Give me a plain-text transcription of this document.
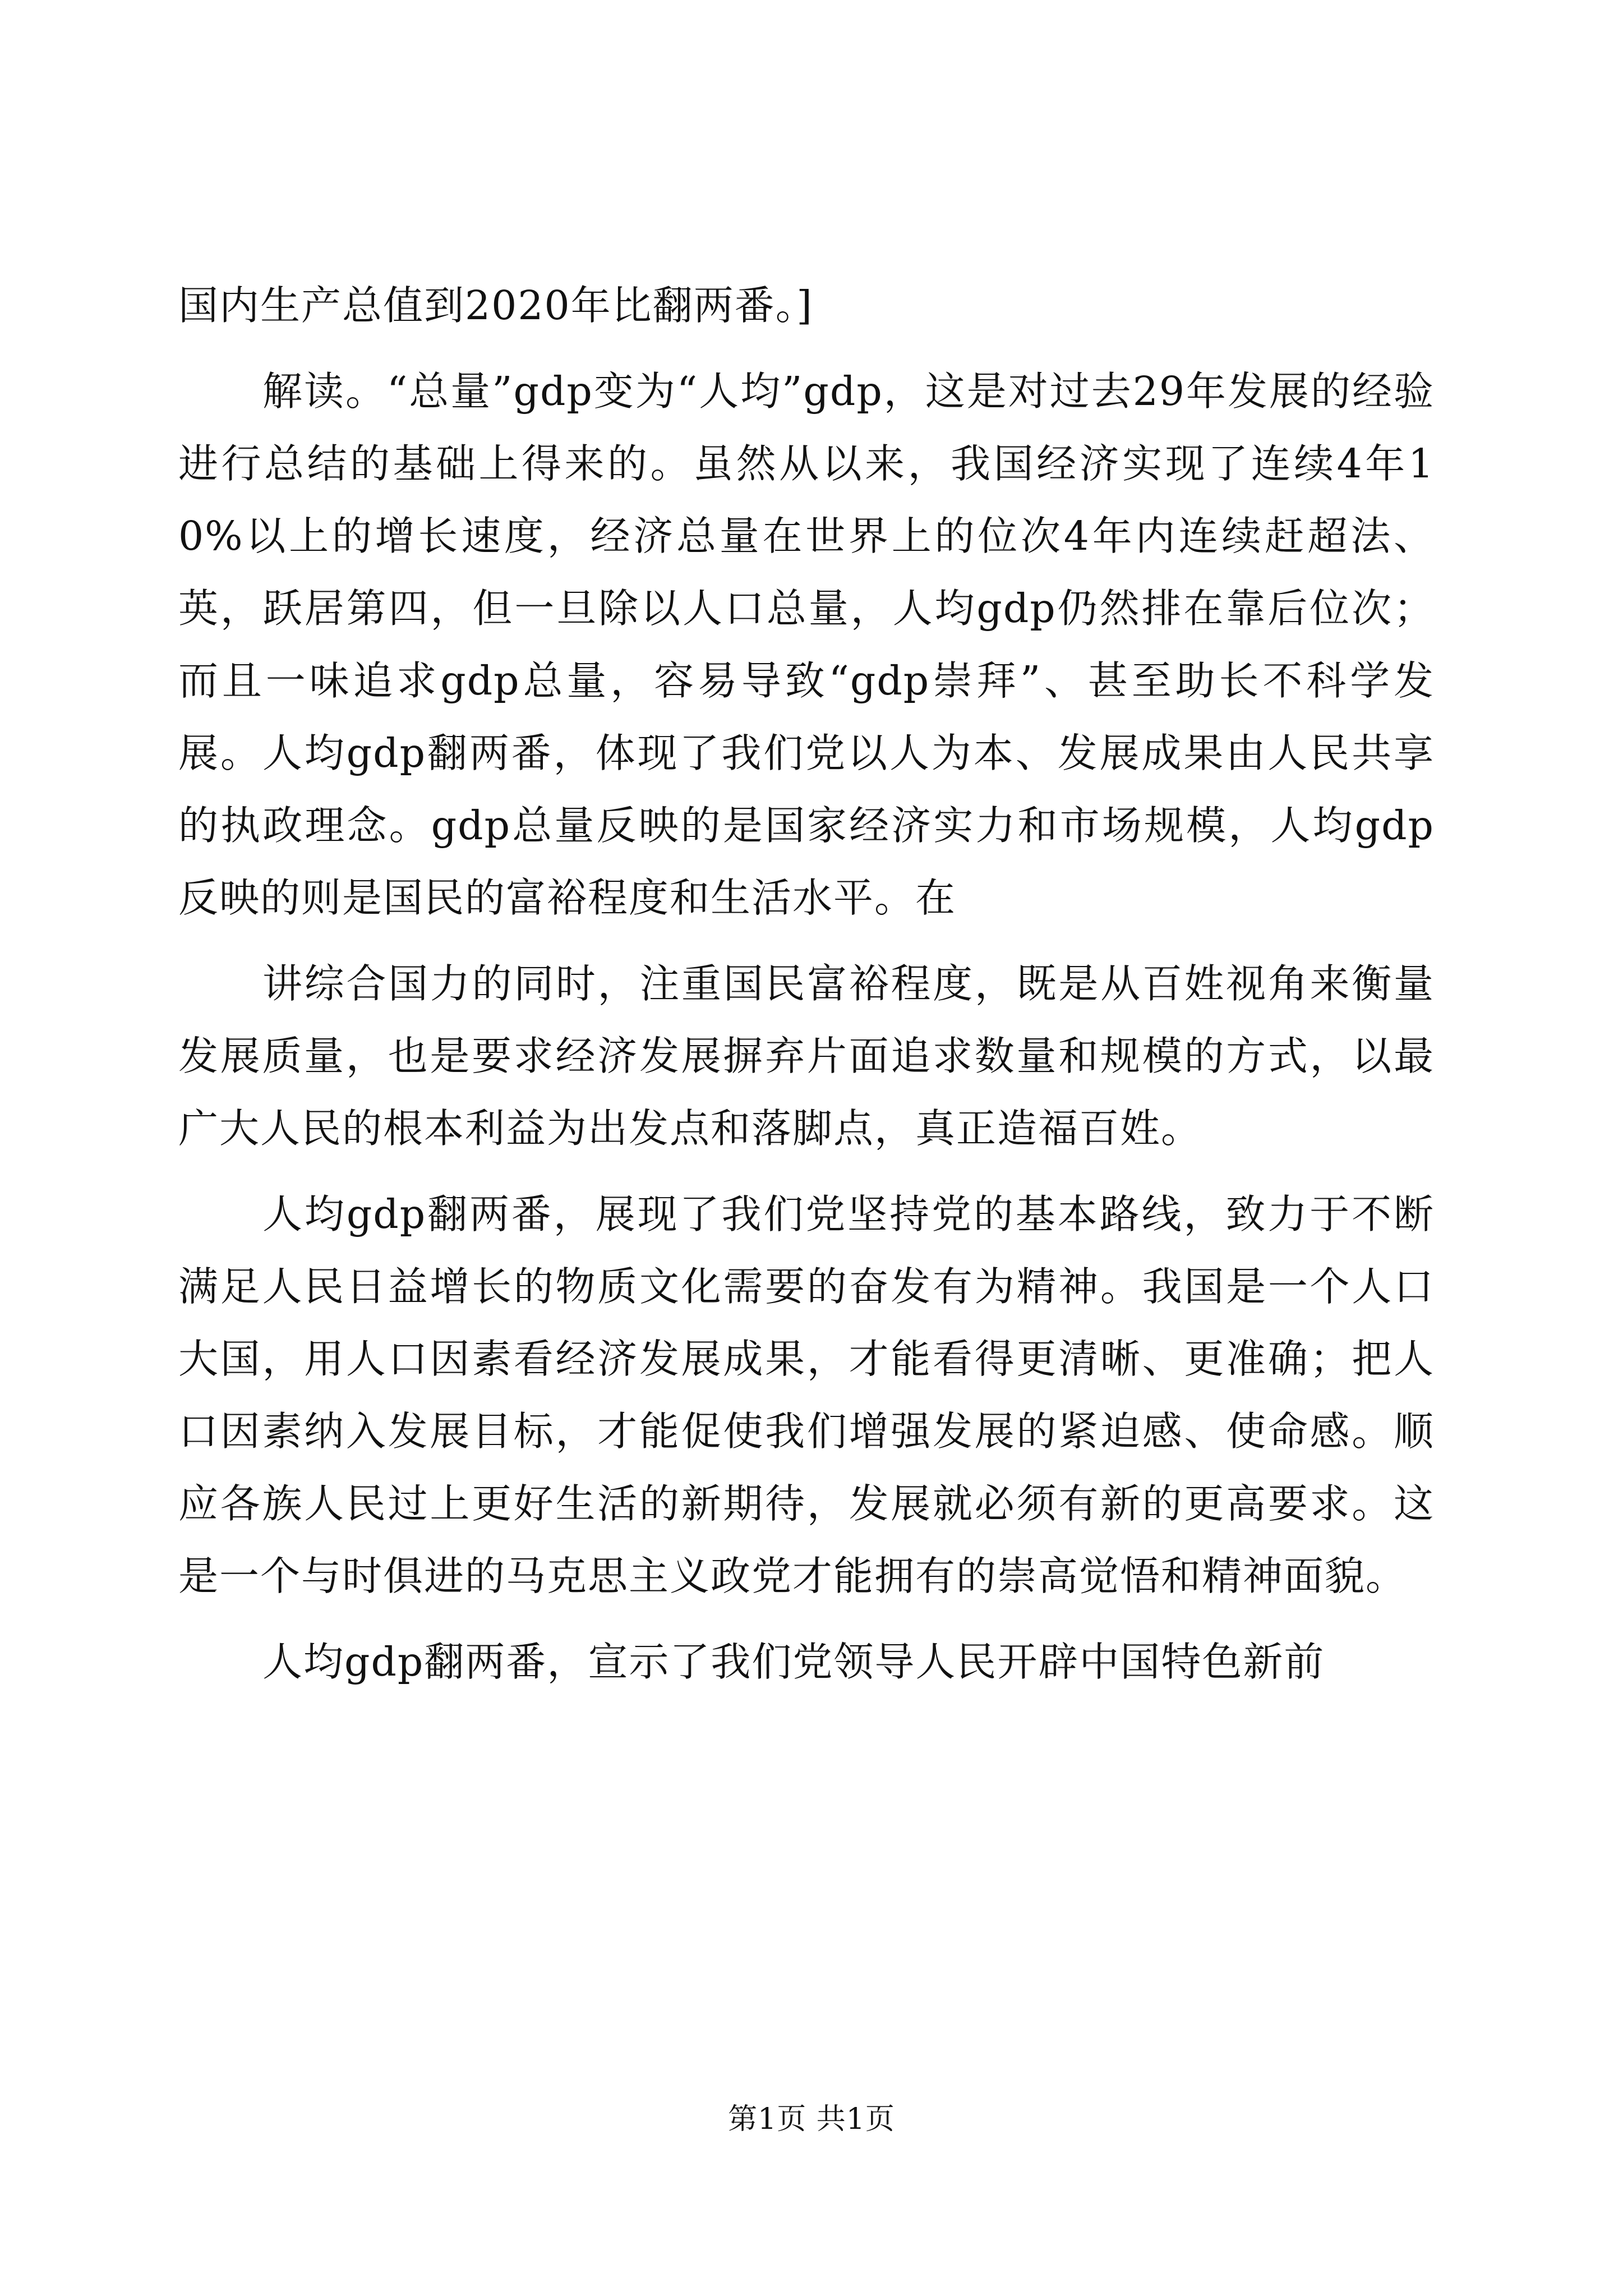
国内生产总值到2020年比翻两番。]

解读。“总量”gdp变为“人均”gdp，这是对过去29年发展的经验进行总结的基础上得来的。虽然从以来，我国经济实现了连续4年10%以上的增长速度，经济总量在世界上的位次4年内连续赶超法、英，跃居第四，但一旦除以人口总量，人均gdp仍然排在靠后位次；而且一味追求gdp总量，容易导致“gdp崇拜”、甚至助长不科学发展。人均gdp翻两番，体现了我们党以人为本、发展成果由人民共享的执政理念。gdp总量反映的是国家经济实力和市场规模，人均gdp反映的则是国民的富裕程度和生活水平。在

讲综合国力的同时，注重国民富裕程度，既是从百姓视角来衡量发展质量，也是要求经济发展摒弃片面追求数量和规模的方式，以最广大人民的根本利益为出发点和落脚点，真正造福百姓。

人均gdp翻两番，展现了我们党坚持党的基本路线，致力于不断满足人民日益增长的物质文化需要的奋发有为精神。我国是一个人口大国，用人口因素看经济发展成果，才能看得更清晰、更准确；把人口因素纳入发展目标，才能促使我们增强发展的紧迫感、使命感。顺应各族人民过上更好生活的新期待，发展就必须有新的更高要求。这是一个与时俱进的马克思主义政党才能拥有的崇高觉悟和精神面貌。

人均gdp翻两番，宣示了我们党领导人民开辟中国特色新前

第1页 共1页
